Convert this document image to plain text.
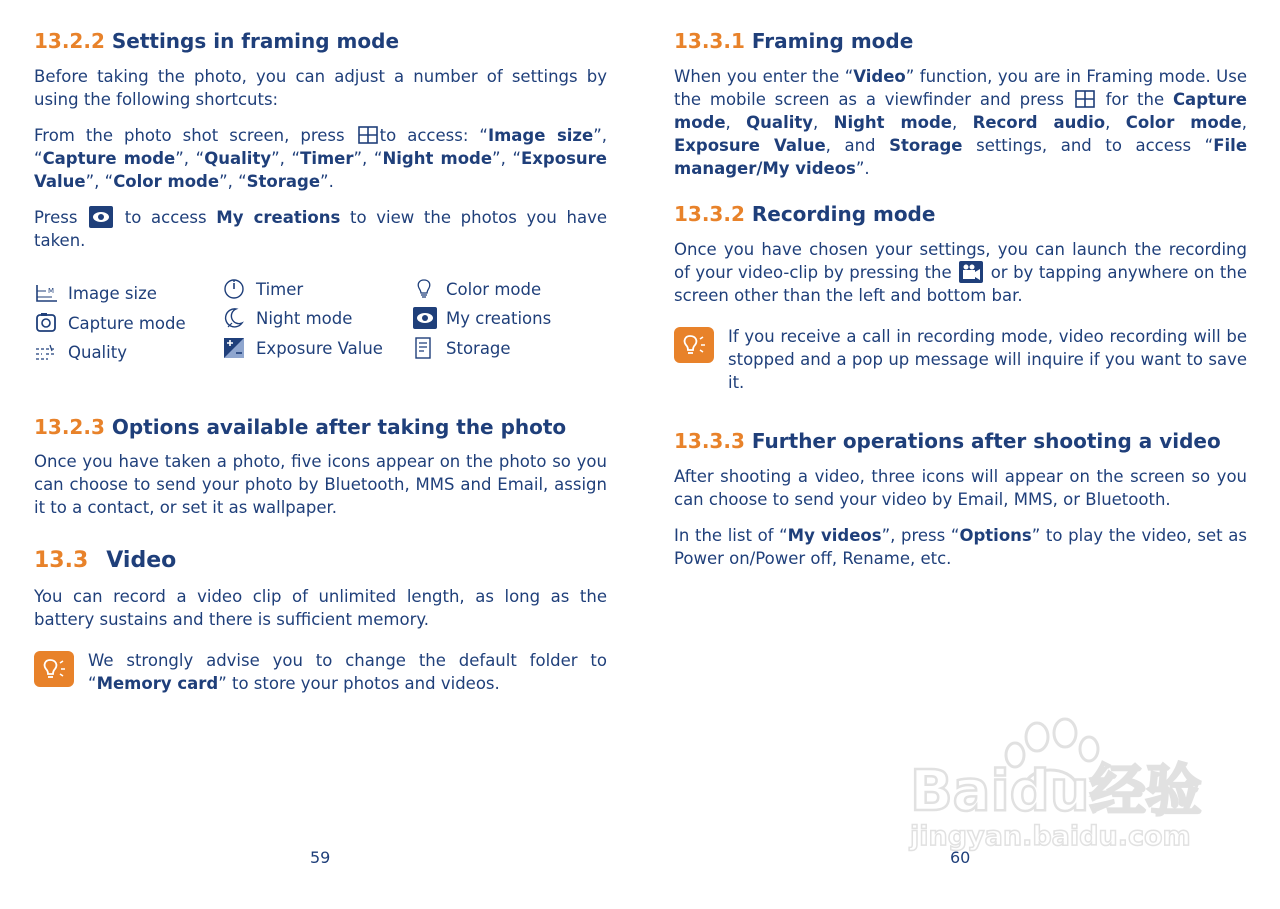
13.2.2 Settings in framing mode

Before taking the photo, you can adjust a number of settings by using the following shortcuts:

From the photo shot screen, press to access: “Image size”, “Capture mode”, “Quality”, “Timer”, “Night mode”, “Exposure Value”, “Color mode”, “Storage”.

Press	to access My creations to view the photos you have taken.

M Image size
Capture mode
Quality
Timer
Night mode
Exposure Value
Color mode
My creations
Storage
13.2.3 Options available after taking the photo

Once you have taken a photo, five icons appear on the photo so you can choose to send your photo by Bluetooth, MMS and Email, assign it to a contact, or set it as wallpaper.

13.3 Video

You can record a video clip of unlimited length, as long as the battery sustains and there is sufficient memory.

We strongly advise you to change the default folder to “Memory card” to store your photos and videos.

59
13.3.1 Framing mode

When you enter the “Video” function, you are in Framing mode. Use the mobile screen as a viewfinder and press	for the Capture mode, Quality, Night mode, Record audio, Color mode, Exposure Value, and Storage settings, and to access “File manager/My videos”.

13.3.2 Recording mode

Once you have chosen your settings, you can launch the recording of your video-clip by pressing the or by tapping anywhere on the screen other than the left and bottom bar.

If you receive a call in recording mode, video recording will be stopped and a pop up message will inquire if you want to save it.

13.3.3 Further operations after shooting a video

After shooting a video, three icons will appear on the screen so you can choose to send your video by Email, MMS, or Bluetooth.

In the list of “My videos”, press “Options” to play the video, set as Power on/Power off, Rename, etc.

60
Baidu经验
jingyan.baidu.com
